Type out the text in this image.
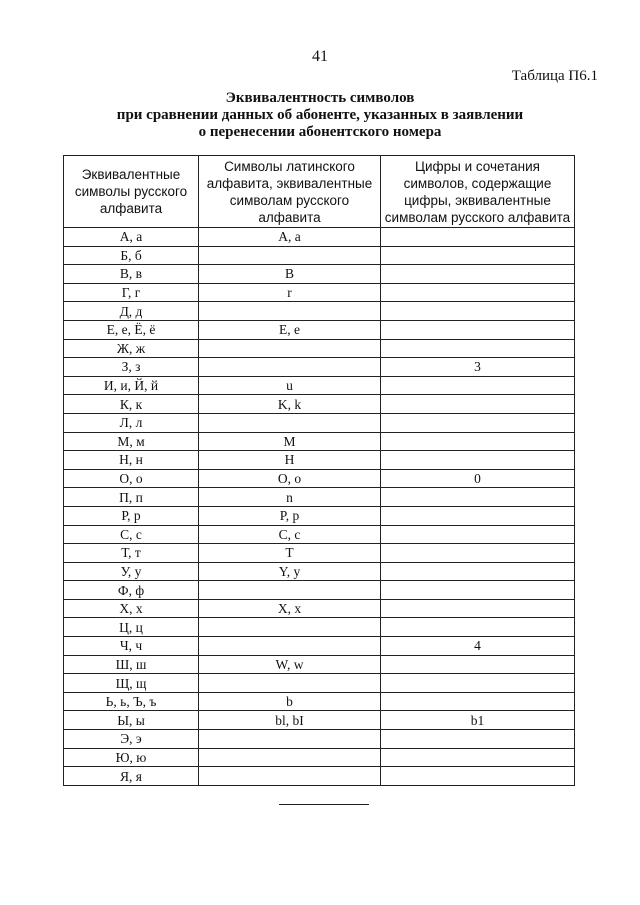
41
Таблица П6.1
Эквивалентность символов
при сравнении данных об абоненте, указанных в заявлении
о перенесении абонентского номера
Эквивалентные символы русского алфавита	Символы латинского алфавита, эквивалентные символам русского алфавита	Цифры и сочетания символов, содержащие цифры, эквивалентные символам русского алфавита
А, а	A, a	
Б, б		
В, в	B	
Г, г	r	
Д, д		
Е, е, Ё, ё	E, e	
Ж, ж		
З, з		3
И, и, Й, й	u	
К, к	K, k	
Л, л		
М, м	M	
Н, н	H	
О, о	O, o	0
П, п	n	
Р, р	P, p	
С, с	C, c	
Т, т	T	
У, у	Y, y	
Ф, ф		
Х, х	X, x	
Ц, ц		
Ч, ч		4
Ш, ш	W, w	
Щ, щ		
Ь, ь, Ъ, ъ	b	
Ы, ы	bl, bI	b1
Э, э		
Ю, ю		
Я, я		
